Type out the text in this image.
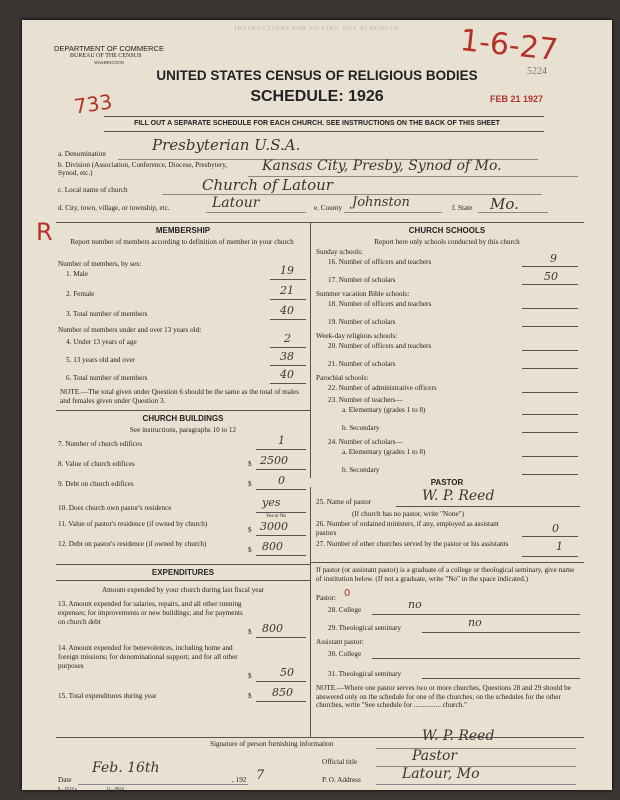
INSTRUCTIONS FOR FILLING OUT SCHEDULE
DEPARTMENT OF COMMERCE
BUREAU OF THE CENSUS
WASHINGTON
UNITED STATES CENSUS OF RELIGIOUS BODIES
SCHEDULE: 1926
FILL OUT A SEPARATE SCHEDULE FOR EACH CHURCH. SEE INSTRUCTIONS ON THE BACK OF THIS SHEET
1-6-27
733
5224
FEB 21 1927
R
a. Denomination	Presbyterian U.S.A.
b. Division (Association, Conference, Diocese, Presbytery, Synod, etc.)	Kansas City, Presby, Synod of Mo.
c. Local name of church	Church of Latour
d. City, town, village, or township, etc.	Latour	e. County Johnston	f. State Mo.
MEMBERSHIP
Report number of members according to definition of member in your church
Number of members, by sex:
1. Male	19
2. Female	21
3. Total number of members	40
Number of members under and over 13 years old:
4. Under 13 years of age	2
5. 13 years old and over	38
6. Total number of members	40
NOTE.—The total given under Question 6 should be the same as the total of males and females given under Question 3.
CHURCH BUILDINGS
See instructions, paragraphs 10 to 12
7. Number of church edifices	1
8. Value of church edifices	$ 2500
9. Debt on church edifices	$ 0
10. Does church own pastor's residence	yes
Yes or No
11. Value of pastor's residence (if owned by church)
$ 3000
12. Debt on pastor's residence (if owned by church)
$ 800
EXPENDITURES
Amount expended by your church during last fiscal year
13. Amount expended for salaries, repairs, and all other running expenses; for improvements or new buildings; and for payments on church debt
$ 800
14. Amount expended for benevolences, including home and foreign missions; for denominational support; and for all other purposes
$	50
15. Total expenditures during year	$ 850
CHURCH SCHOOLS
Report here only schools conducted by this church
Sunday schools:
16. Number of officers and teachers	9
17. Number of scholars	50
Summer vacation Bible schools:
18. Number of officers and teachers
19. Number of scholars
Week-day religious schools:
20. Number of officers and teachers
21. Number of scholars
Parochial schools:
22. Number of administrative officers
23. Number of teachers—
a. Elementary (grades 1 to 8)
b. Secondary
24. Number of scholars—
a. Elementary (grades 1 to 8)
b. Secondary
PASTOR
25. Name of pastor	W. P. Reed
(If church has no pastor, write "None")
26. Number of ordained ministers, if any, employed as assistant pastors	0
27. Number of other churches served by the pastor or his assistants	1
If pastor (or assistant pastor) is a graduate of a college or theological seminary, give name of institution below. (If not a graduate, write "No" in the space indicated.)
Pastor: 0
28. College	no
29. Theological seminary	no
Assistant pastor:
30. College
31. Theological seminary
NOTE.—Where one pastor serves two or more churches, Questions 28 and 29 should be answered only on the schedule for one of the churches; on the schedules for the other churches, write "See schedule for ............... church."
Signature of person furnishing information	W. P. Reed
Official title	Pastor
Date
Feb. 16th
, 192 7	P. O. Address	Latour, Mo
8—5518 a	11—9654
